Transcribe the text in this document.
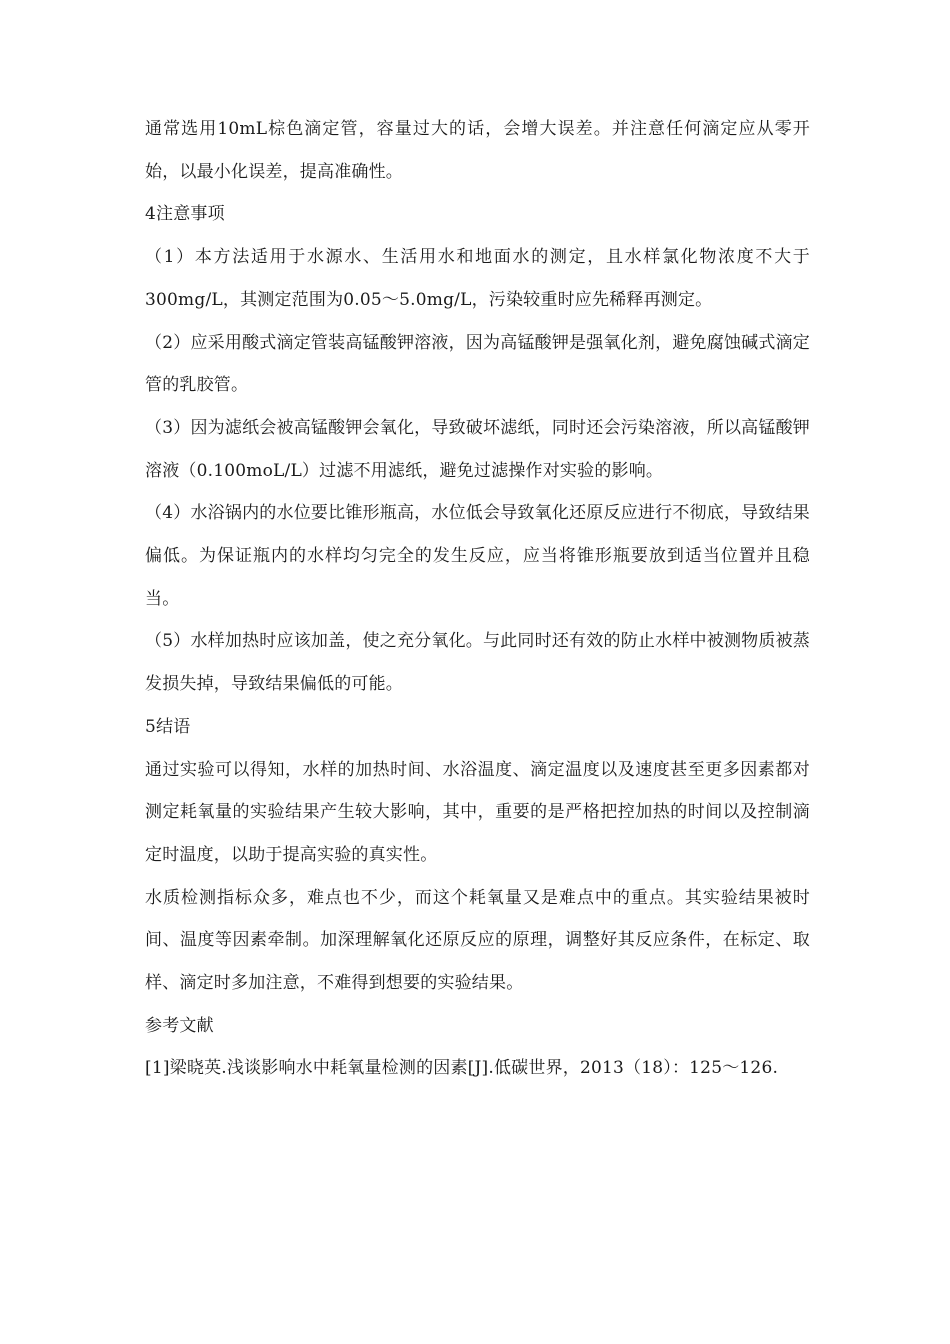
通常选用10mL棕色滴定管，容量过大的话，会增大误差。并注意任何滴定应从零开始，以最小化误差，提高准确性。

4注意事项

（1）本方法适用于水源水、生活用水和地面水的测定，且水样氯化物浓度不大于300mg/L，其测定范围为0.05～5.0mg/L，污染较重时应先稀释再测定。

（2）应采用酸式滴定管装高锰酸钾溶液，因为高锰酸钾是强氧化剂，避免腐蚀碱式滴定管的乳胶管。

（3）因为滤纸会被高锰酸钾会氧化，导致破坏滤纸，同时还会污染溶液，所以高锰酸钾溶液（0.100moL/L）过滤不用滤纸，避免过滤操作对实验的影响。

（4）水浴锅内的水位要比锥形瓶高，水位低会导致氧化还原反应进行不彻底，导致结果偏低。为保证瓶内的水样均匀完全的发生反应，应当将锥形瓶要放到适当位置并且稳当。

（5）水样加热时应该加盖，使之充分氧化。与此同时还有效的防止水样中被测物质被蒸发损失掉，导致结果偏低的可能。

5结语

通过实验可以得知，水样的加热时间、水浴温度、滴定温度以及速度甚至更多因素都对测定耗氧量的实验结果产生较大影响，其中，重要的是严格把控加热的时间以及控制滴定时温度，以助于提高实验的真实性。

水质检测指标众多，难点也不少，而这个耗氧量又是难点中的重点。其实验结果被时间、温度等因素牵制。加深理解氧化还原反应的原理，调整好其反应条件，在标定、取样、滴定时多加注意，不难得到想要的实验结果。

参考文献

[1]梁晓英.浅谈影响水中耗氧量检测的因素[J].低碳世界，2013（18）：125～126.
